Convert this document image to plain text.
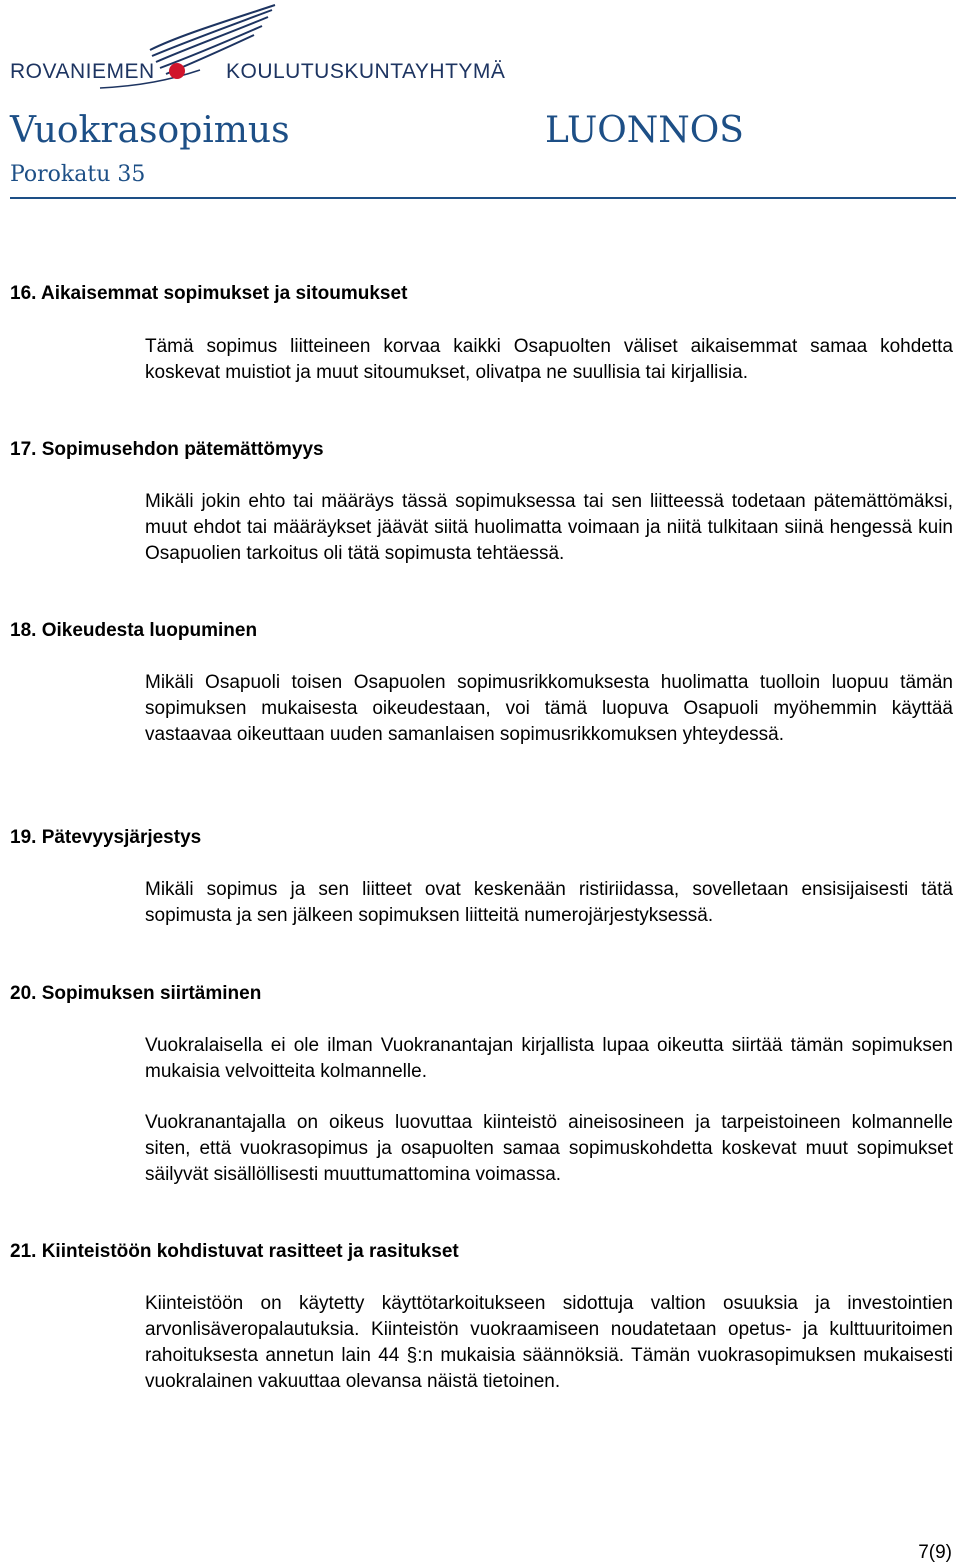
ROVANIEMEN	KOULUTUSKUNTAYHTYMÄ
Vuokrasopimus	LUONNOS
Porokatu 35
16. Aikaisemmat sopimukset ja sitoumukset

Tämä sopimus liitteineen korvaa kaikki Osapuolten väliset aikaisemmat samaa kohdetta koskevat muistiot ja muut sitoumukset, olivatpa ne suullisia tai kirjallisia.

17. Sopimusehdon pätemättömyys

Mikäli jokin ehto tai määräys tässä sopimuksessa tai sen liitteessä todetaan pätemättömäksi, muut ehdot tai määräykset jäävät siitä huolimatta voimaan ja niitä tulkitaan siinä hengessä kuin Osapuolien tarkoitus oli tätä sopimusta tehtäessä.

18. Oikeudesta luopuminen

Mikäli Osapuoli toisen Osapuolen sopimusrikkomuksesta huolimatta tuolloin luopuu tämän sopimuksen mukaisesta oikeudestaan, voi tämä luopuva Osapuoli myöhemmin käyttää vastaavaa oikeuttaan uuden samanlaisen sopimusrikkomuksen yhteydessä.

19. Pätevyysjärjestys

Mikäli sopimus ja sen liitteet ovat keskenään ristiriidassa, sovelletaan ensisijaisesti tätä sopimusta ja sen jälkeen sopimuksen liitteitä numerojärjestyksessä.

20. Sopimuksen siirtäminen

Vuokralaisella ei ole ilman Vuokranantajan kirjallista lupaa oikeutta siirtää tämän sopimuksen mukaisia velvoitteita kolmannelle.

Vuokranantajalla on oikeus luovuttaa kiinteistö aineisosineen ja tarpeistoineen kolmannelle siten, että vuokrasopimus ja osapuolten samaa sopimuskohdetta koskevat muut sopimukset säilyvät sisällöllisesti muuttumattomina voimassa.

21. Kiinteistöön kohdistuvat rasitteet ja rasitukset

Kiinteistöön on käytetty käyttötarkoitukseen sidottuja valtion osuuksia ja investointien arvonlisäveropalautuksia. Kiinteistön vuokraamiseen noudatetaan opetus- ja kulttuuritoimen rahoituksesta annetun lain 44 §:n mukaisia säännöksiä. Tämän vuokrasopimuksen mukaisesti vuokralainen vakuuttaa olevansa näistä tietoinen.

7(9)
